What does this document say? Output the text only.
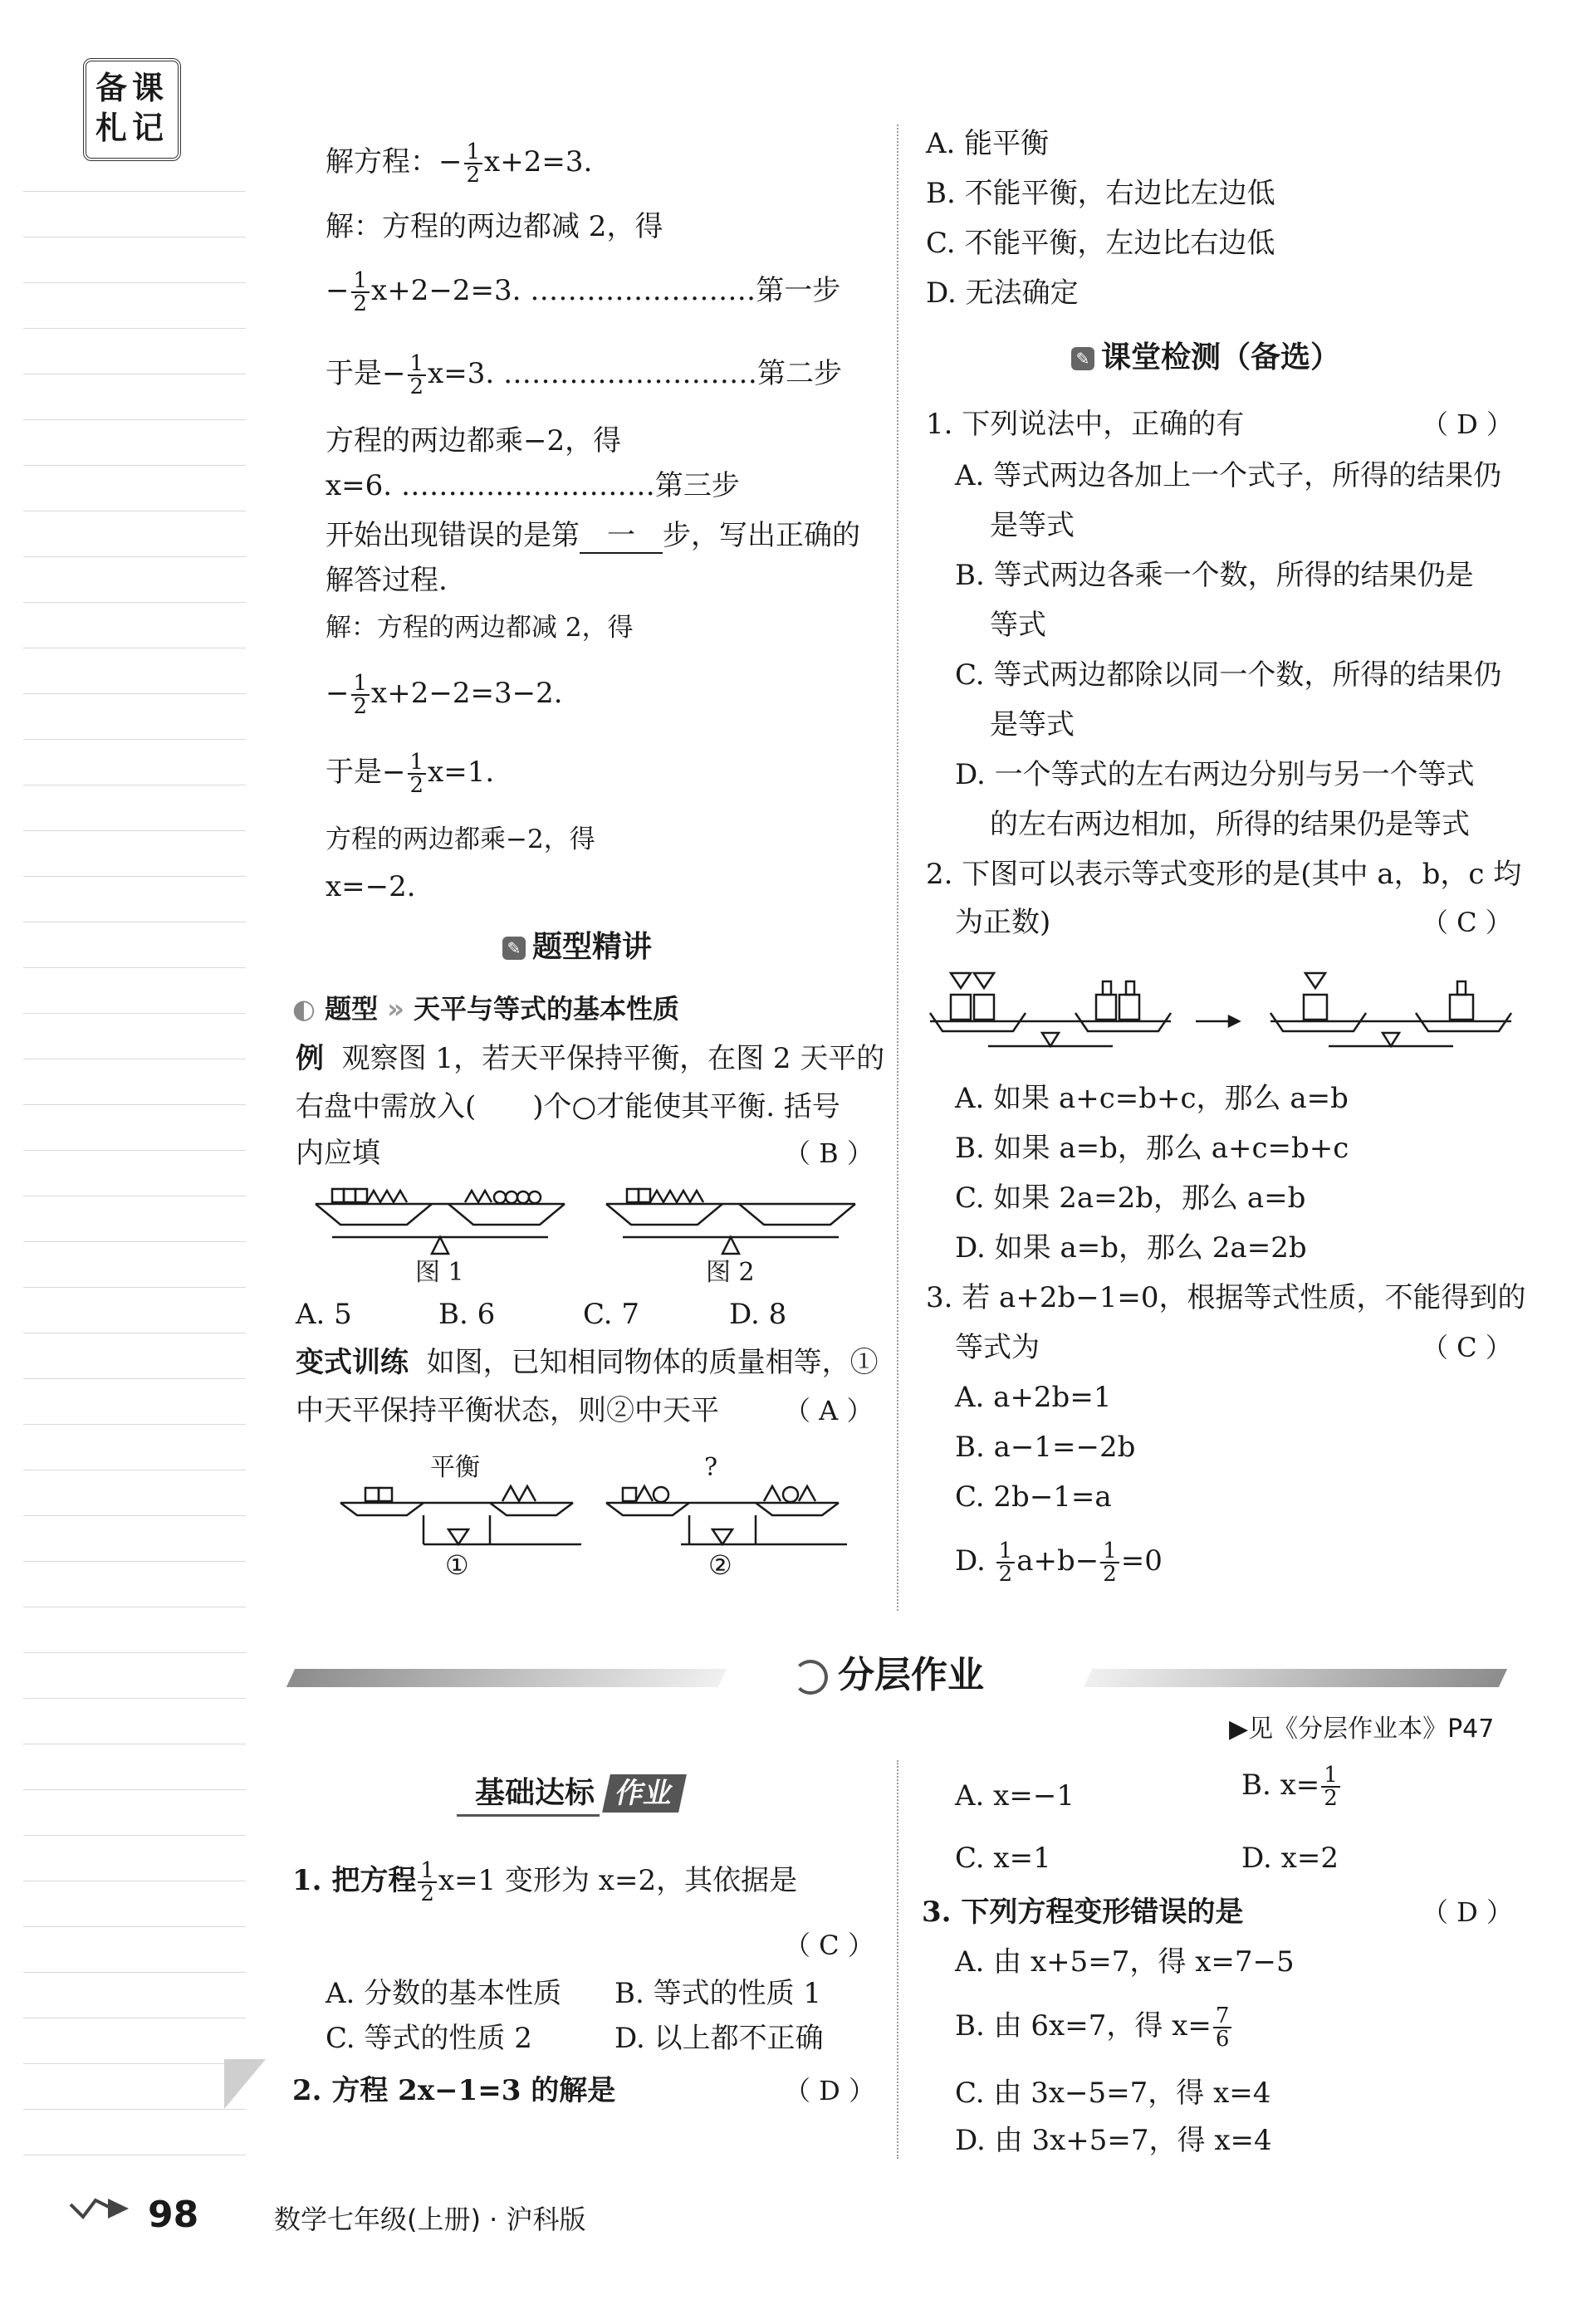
备课札记
解方程：− $\frac{1}{2} x+2=3$.
解：方程的两边都减 2，得
− $\frac{1}{2} x+2-2=3$. ……………………第一步
于是− $\frac{1}{2} x=3$. ………………………第二步
方程的两边都乘−2，得
x=6. ………………………第三步
开始出现错误的是第 一 步，写出正确的
解答过程.
解：方程的两边都减 2，得
− $\frac{1}{2} x+2-2=3-2$.
于是− $\frac{1}{2} x=1$.
方程的两边都乘−2，得
x=−2.
✎ 题型精讲
◐ 题型 » 天平与等式的基本性质
例 观察图 1，若天平保持平衡，在图 2 天平的
右盘中需放入(　　)个○才能使其平衡. 括号
内应填	（ B ）
图 1	图 2
A. 5	B. 6	C. 7	D. 8
变式训练 如图，已知相同物体的质量相等，①
中天平保持平衡状态，则②中天平 （ A ）
平衡	?
①	②
A. 能平衡
B. 不能平衡，右边比左边低
C. 不能平衡，左边比右边低
D. 无法确定
✎ 课堂检测（备选）
1. 下列说法中，正确的有	（ D ）
A. 等式两边各加上一个式子，所得的结果仍
是等式
B. 等式两边各乘一个数，所得的结果仍是
等式
C. 等式两边都除以同一个数，所得的结果仍
是等式
D. 一个等式的左右两边分别与另一个等式
的左右两边相加，所得的结果仍是等式
2. 下图可以表示等式变形的是(其中 a，b，c 均
为正数)	（ C ）
A. 如果 a+c=b+c，那么 a=b
B. 如果 a=b，那么 a+c=b+c
C. 如果 2a=2b，那么 a=b
D. 如果 a=b，那么 2a=2b
3. 若 a+2b−1=0，根据等式性质，不能得到的
等式为	（ C ）
A. a+2b=1
B. a−1=−2b
C. 2b−1=a
D. $\frac{1}{2} a+b- \frac{1}{2} =0$
分层作业
▶见《分层作业本》P47
基础达标 作业
1. 把方程 $\frac{1}{2} x=1$ 变形为 x=2，其依据是
（ C ）
A. 分数的基本性质 B. 等式的性质 1
C. 等式的性质 2	D. 以上都不正确
2. 方程 2x−1=3 的解是	（ D ）
A. x=−1	B. $x= \frac{1}{2}$
C. x=1	D. x=2
3. 下列方程变形错误的是	（ D ）
A. 由 x+5=7，得 x=7−5
B. 由 6x=7，得 $x= \frac{7}{6}$
C. 由 3x−5=7，得 x=4
D. 由 3x+5=7，得 x=4
98	数学七年级(上册) · 沪科版
